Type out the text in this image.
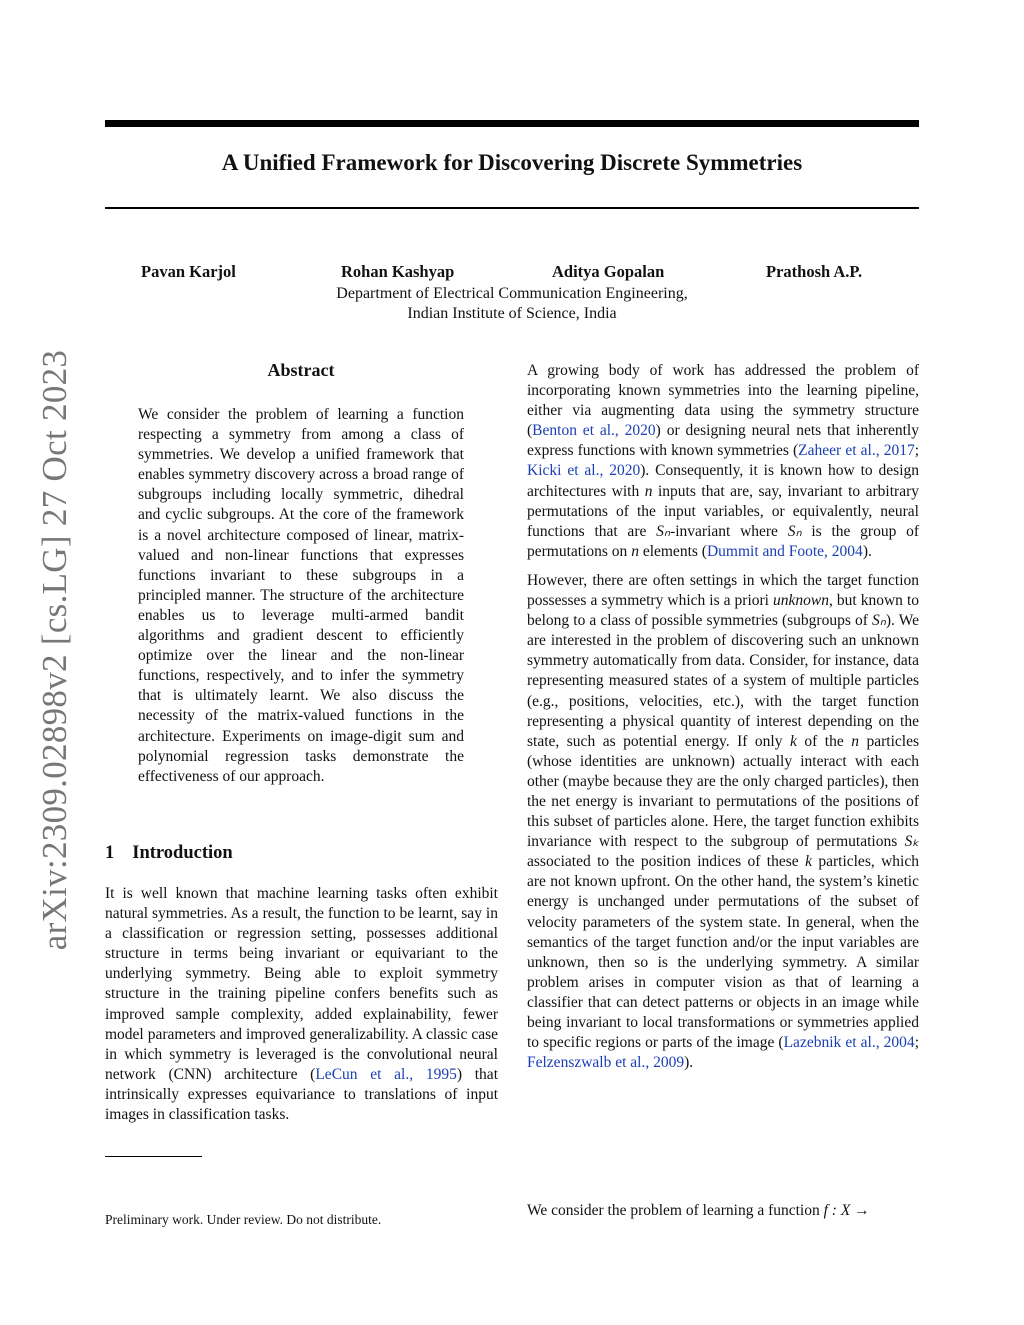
A Unified Framework for Discovering Discrete Symmetries
Pavan Karjol	Rohan Kashyap	Aditya Gopalan	Prathosh A.P.
Department of Electrical Communication Engineering,
Indian Institute of Science, India
arXiv:2309.02898v2 [cs.LG] 27 Oct 2023	Abstract
We consider the problem of learning a function respecting a symmetry from among a class of symmetries. We develop a unified framework that enables symmetry discovery across a broad range of subgroups including locally symmetric, dihedral and cyclic subgroups. At the core of the framework is a novel architecture composed of linear, matrix-valued and non-linear functions that expresses functions invariant to these subgroups in a principled manner. The structure of the architecture enables us to leverage multi-armed bandit algorithms and gradient descent to efficiently optimize over the linear and the non-linear functions, respectively, and to infer the symmetry that is ultimately learnt. We also discuss the necessity of the matrix-valued functions in the architecture. Experiments on image-digit sum and polynomial regression tasks demonstrate the effectiveness of our approach.
1 Introduction

It is well known that machine learning tasks often exhibit natural symmetries. As a result, the function to be learnt, say in a classification or regression setting, possesses additional structure in terms being invariant or equivariant to the underlying symmetry. Being able to exploit symmetry structure in the training pipeline confers benefits such as improved sample complexity, added explainability, fewer model parameters and improved generalizability. A classic case in which symmetry is leveraged is the convolutional neural network (CNN) architecture (LeCun et al., 1995) that intrinsically expresses equivariance to translations of input images in classification tasks.

Preliminary work. Under review. Do not distribute.

A growing body of work has addressed the problem of incorporating known symmetries into the learning pipeline, either via augmenting data using the symmetry structure (Benton et al., 2020) or designing neural nets that inherently express functions with known symmetries (Zaheer et al., 2017; Kicki et al., 2020). Consequently, it is known how to design architectures with n inputs that are, say, invariant to arbitrary permutations of the input variables, or equivalently, neural functions that are Sₙ-invariant where Sₙ is the group of permutations on n elements (Dummit and Foote, 2004).

However, there are often settings in which the target function possesses a symmetry which is a priori unknown, but known to belong to a class of possible symmetries (subgroups of Sₙ). We are interested in the problem of discovering such an unknown symmetry automatically from data. Consider, for instance, data representing measured states of a system of multiple particles (e.g., positions, velocities, etc.), with the target function representing a physical quantity of interest depending on the state, such as potential energy. If only k of the n particles (whose identities are unknown) actually interact with each other (maybe because they are the only charged particles), then the net energy is invariant to permutations of the positions of this subset of particles alone. Here, the target function exhibits invariance with respect to the subgroup of permutations Sₖ associated to the position indices of these k particles, which are not known upfront. On the other hand, the system’s kinetic energy is unchanged under permutations of the subset of velocity parameters of the system state. In general, when the semantics of the target function and/or the input variables are unknown, then so is the underlying symmetry. A similar problem arises in computer vision as that of learning a classifier that can detect patterns or objects in an image while being invariant to local transformations or symmetries applied to specific regions or parts of the image (Lazebnik et al., 2004; Felzenszwalb et al., 2009).

We consider the problem of learning a function f : X →
